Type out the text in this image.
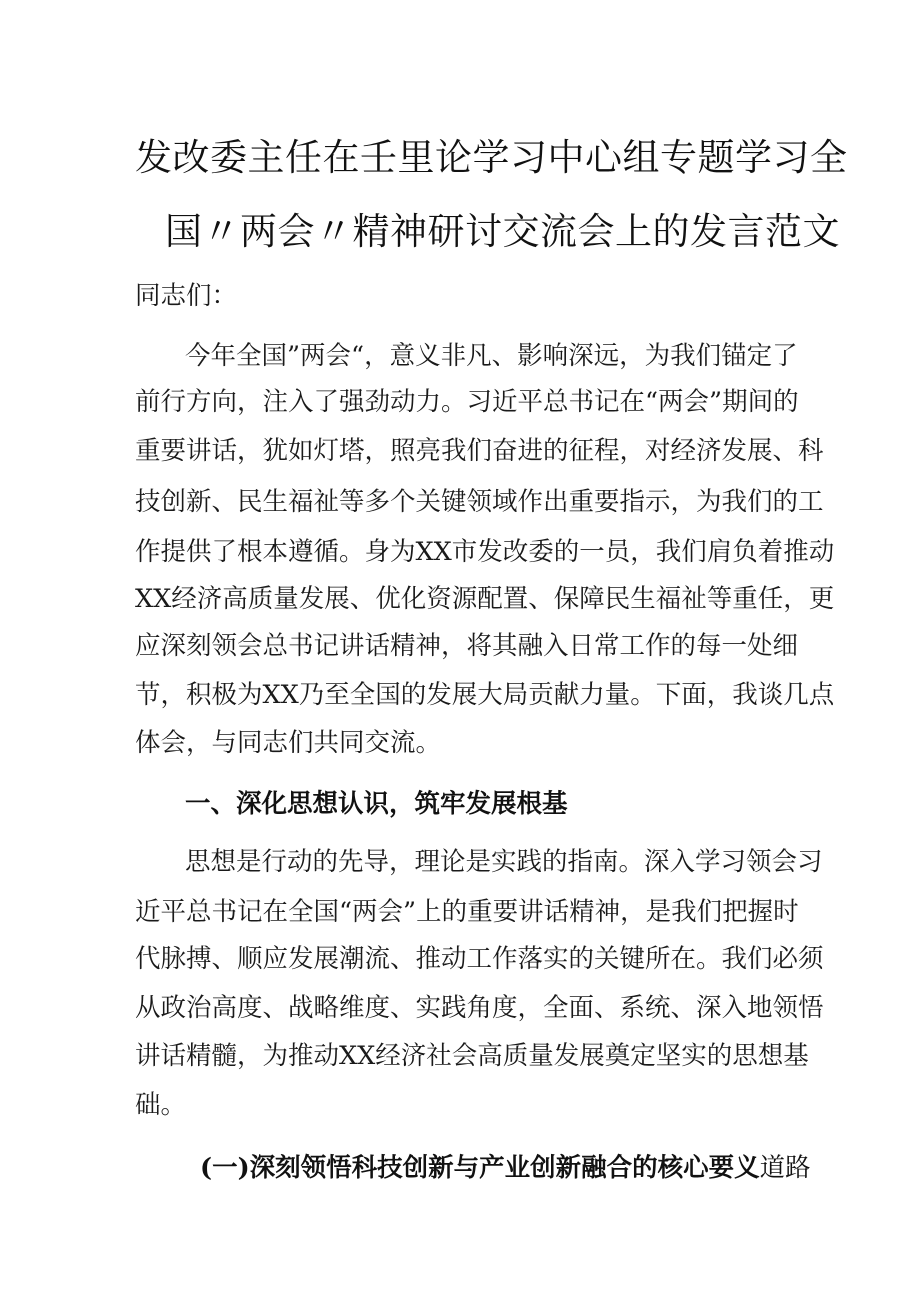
发改委主任在壬里论学习中心组专题学习全
国〃两会〃精神研讨交流会上的发言范文
同志们：
今年全国”两会“，意义非凡、影响深远，为我们锚定了
前行方向，注入了强劲动力。习近平总书记在“两会”期间的
重要讲话，犹如灯塔，照亮我们奋进的征程，对经济发展、科
技创新、民生福祉等多个关键领域作出重要指示，为我们的工
作提供了根本遵循。身为XX市发改委的一员，我们肩负着推动
XX经济高质量发展、优化资源配置、保障民生福祉等重任，更
应深刻领会总书记讲话精神，将其融入日常工作的每一处细
节，积极为XX乃至全国的发展大局贡献力量。下面，我谈几点
体会，与同志们共同交流。
一、深化思想认识，筑牢发展根基
思想是行动的先导，理论是实践的指南。深入学习领会习
近平总书记在全国“两会”上的重要讲话精神，是我们把握时
代脉搏、顺应发展潮流、推动工作落实的关键所在。我们必须
从政治高度、战略维度、实践角度，全面、系统、深入地领悟
讲话精髓，为推动XX经济社会高质量发展奠定坚实的思想基
础。
(一)深刻领悟科技创新与产业创新融合的核心要义道路
